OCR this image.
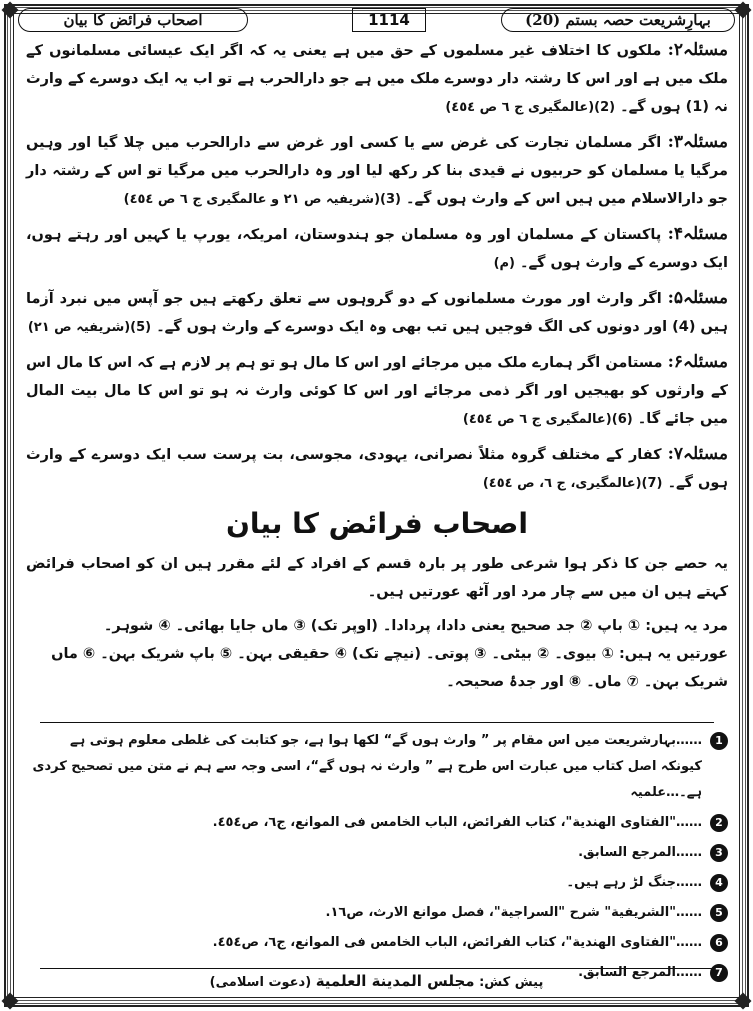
بہارِشریعت حصہ بستم (20)
1114
اصحاب فرائض کا بیان
مسئلہ۲: ملکوں کا اختلاف غیر مسلموں کے حق میں ہے یعنی یہ کہ اگر ایک عیسائی مسلمانوں کے ملک میں ہے اور اس کا رشتہ دار دوسرے ملک میں ہے جو دارالحرب ہے تو اب یہ ایک دوسرے کے وارث نہ (1) ہوں گے۔ (2)(عالمگیری ج ٦ ص ٤٥٤)
مسئلہ۳: اگر مسلمان تجارت کی غرض سے یا کسی اور غرض سے دارالحرب میں چلا گیا اور وہیں مرگیا یا مسلمان کو حربیوں نے قیدی بنا کر رکھ لیا اور وہ دارالحرب میں مرگیا تو اس کے رشتہ دار جو دارالاسلام میں ہیں اس کے وارث ہوں گے۔ (3)(شریفیہ ص ۲۱ و عالمگیری ج ٦ ص ٤٥٤)
مسئلہ۴: پاکستان کے مسلمان اور وہ مسلمان جو ہندوستان، امریکہ، یورپ یا کہیں اور رہتے ہوں، ایک دوسرے کے وارث ہوں گے۔ (م)
مسئلہ۵: اگر وارث اور مورث مسلمانوں کے دو گروہوں سے تعلق رکھتے ہیں جو آپس میں نبرد آزما ہیں (4) اور دونوں کی الگ فوجیں ہیں تب بھی وہ ایک دوسرے کے وارث ہوں گے۔ (5)(شریفیہ ص ۲۱)
مسئلہ۶: مستامن اگر ہمارے ملک میں مرجائے اور اس کا مال ہو تو ہم پر لازم ہے کہ اس کا مال اس کے وارثوں کو بھیجیں اور اگر ذمی مرجائے اور اس کا کوئی وارث نہ ہو تو اس کا مال بیت المال میں جائے گا۔ (6)(عالمگیری ج ٦ ص ٤٥٤)
مسئلہ۷: کفار کے مختلف گروہ مثلاً نصرانی، یہودی، مجوسی، بت پرست سب ایک دوسرے کے وارث ہوں گے۔ (7)(عالمگیری، ج ٦، ص ٤٥٤)
اصحاب فرائض کا بیان
یہ حصے جن کا ذکر ہوا شرعی طور پر بارہ قسم کے افراد کے لئے مقرر ہیں ان کو اصحاب فرائض کہتے ہیں ان میں سے چار مرد اور آٹھ عورتیں ہیں۔
مرد یہ ہیں: ① باپ ② جد صحیح یعنی دادا، پردادا۔ (اوپر تک) ③ ماں جایا بھائی۔ ④ شوہر۔
عورتیں یہ ہیں: ① بیوی۔ ② بیٹی۔ ③ پوتی۔ (نیچے تک) ④ حقیقی بہن۔ ⑤ باپ شریک بہن۔ ⑥ ماں شریک بہن۔ ⑦ ماں۔ ⑧ اور جدۂ صحیحہ۔
1
……بہارشریعت میں اس مقام پر ” وارث ہوں گے“ لکھا ہوا ہے، جو کتابت کی غلطی معلوم ہوتی ہے کیونکہ اصل کتاب میں عبارت اس طرح ہے ” وارث نہ ہوں گے“، اسی وجہ سے ہم نے متن میں تصحیح کردی ہے۔…علمیہ
2
……"الفتاوى الهندية"، كتاب الفرائض، الباب الخامس فى الموانع، ج٦، ص٤٥٤.
3
……المرجع السابق.
4
……جنگ لڑ رہے ہیں۔
5
……"الشريفية" شرح "السراجية"، فصل موانع الارث، ص١٦.
6
……"الفتاوى الهندية"، كتاب الفرائض، الباب الخامس فى الموانع، ج٦، ص٤٥٤.
7
……المرجع السابق.
پیش کش: مجلس المدينة العلمية (دعوت اسلامی)
